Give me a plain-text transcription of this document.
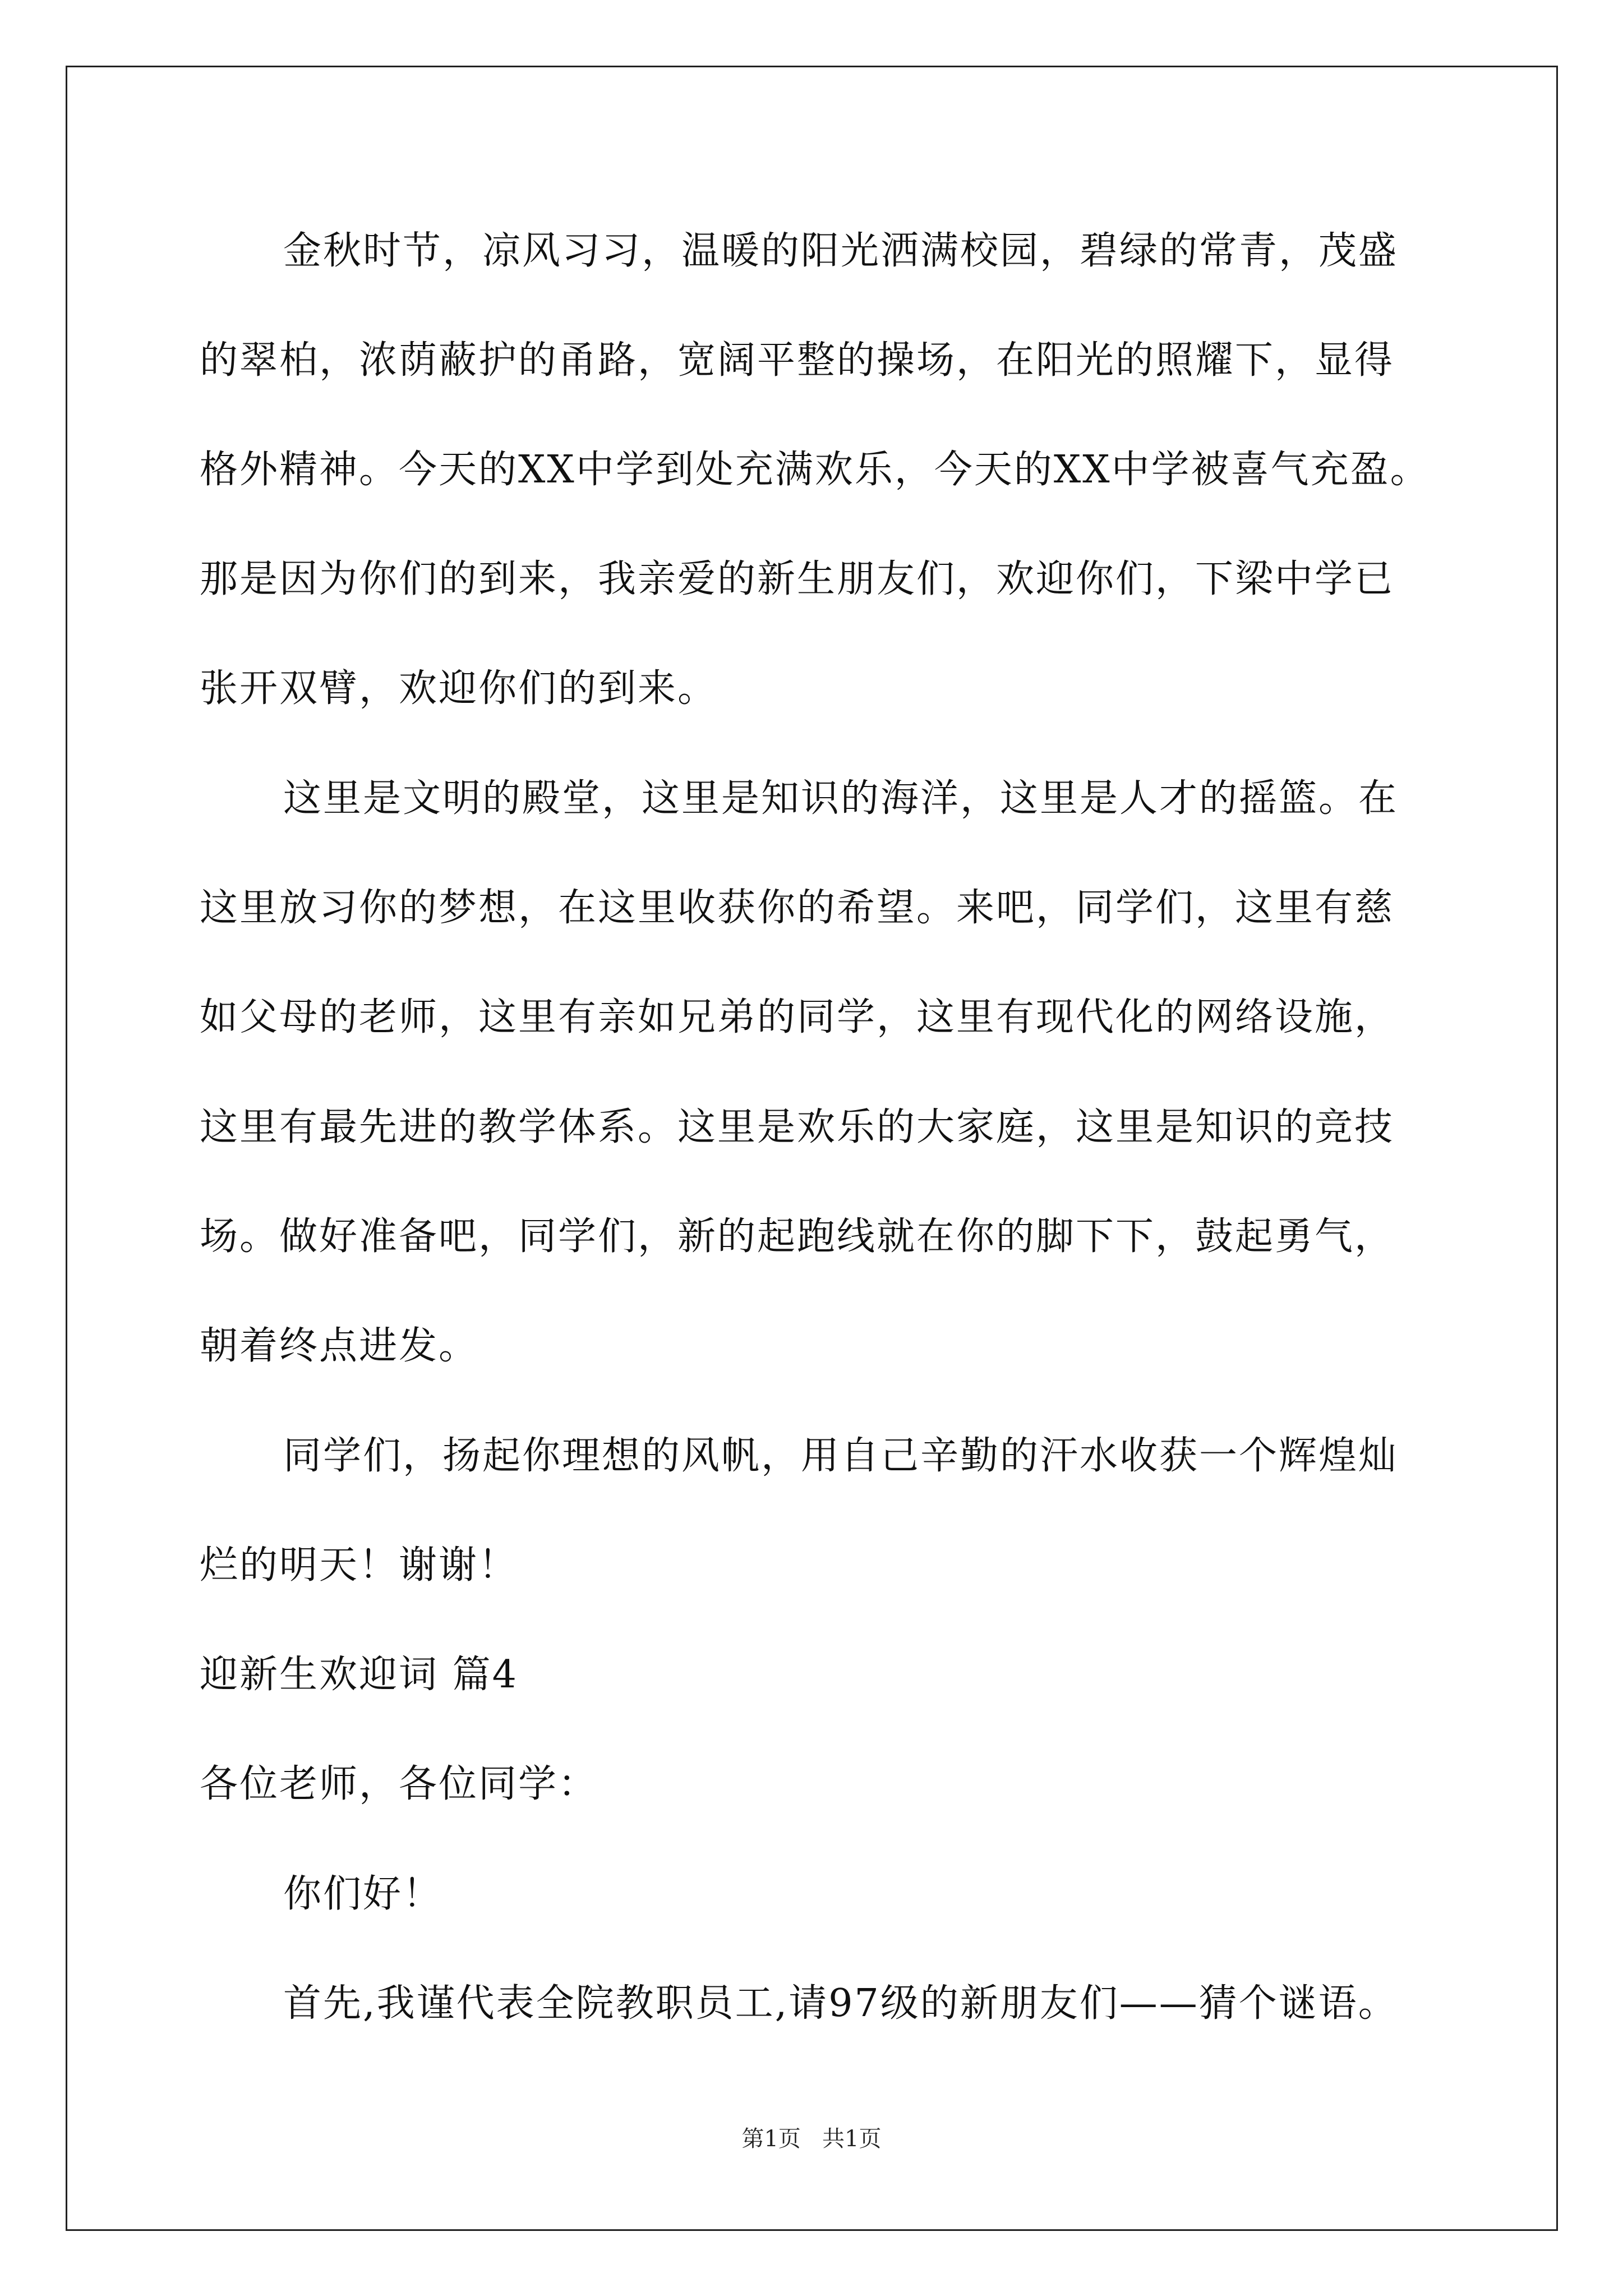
金秋时节，凉风习习，温暖的阳光洒满校园，碧绿的常青，茂盛
的翠柏，浓荫蔽护的甬路，宽阔平整的操场，在阳光的照耀下，显得
格外精神。今天的XX中学到处充满欢乐，今天的XX中学被喜气充盈。
那是因为你们的到来，我亲爱的新生朋友们，欢迎你们，下梁中学已
张开双臂，欢迎你们的到来。
这里是文明的殿堂，这里是知识的海洋，这里是人才的摇篮。在
这里放习你的梦想，在这里收获你的希望。来吧，同学们，这里有慈
如父母的老师，这里有亲如兄弟的同学，这里有现代化的网络设施，
这里有最先进的教学体系。这里是欢乐的大家庭，这里是知识的竞技
场。做好准备吧，同学们，新的起跑线就在你的脚下下，鼓起勇气，
朝着终点进发。
同学们，扬起你理想的风帆，用自己辛勤的汗水收获一个辉煌灿
烂的明天！谢谢！
迎新生欢迎词 篇4
各位老师，各位同学：
你们好！
首先,我谨代表全院教职员工,请97级的新朋友们——猜个谜语。
第1页   共1页
